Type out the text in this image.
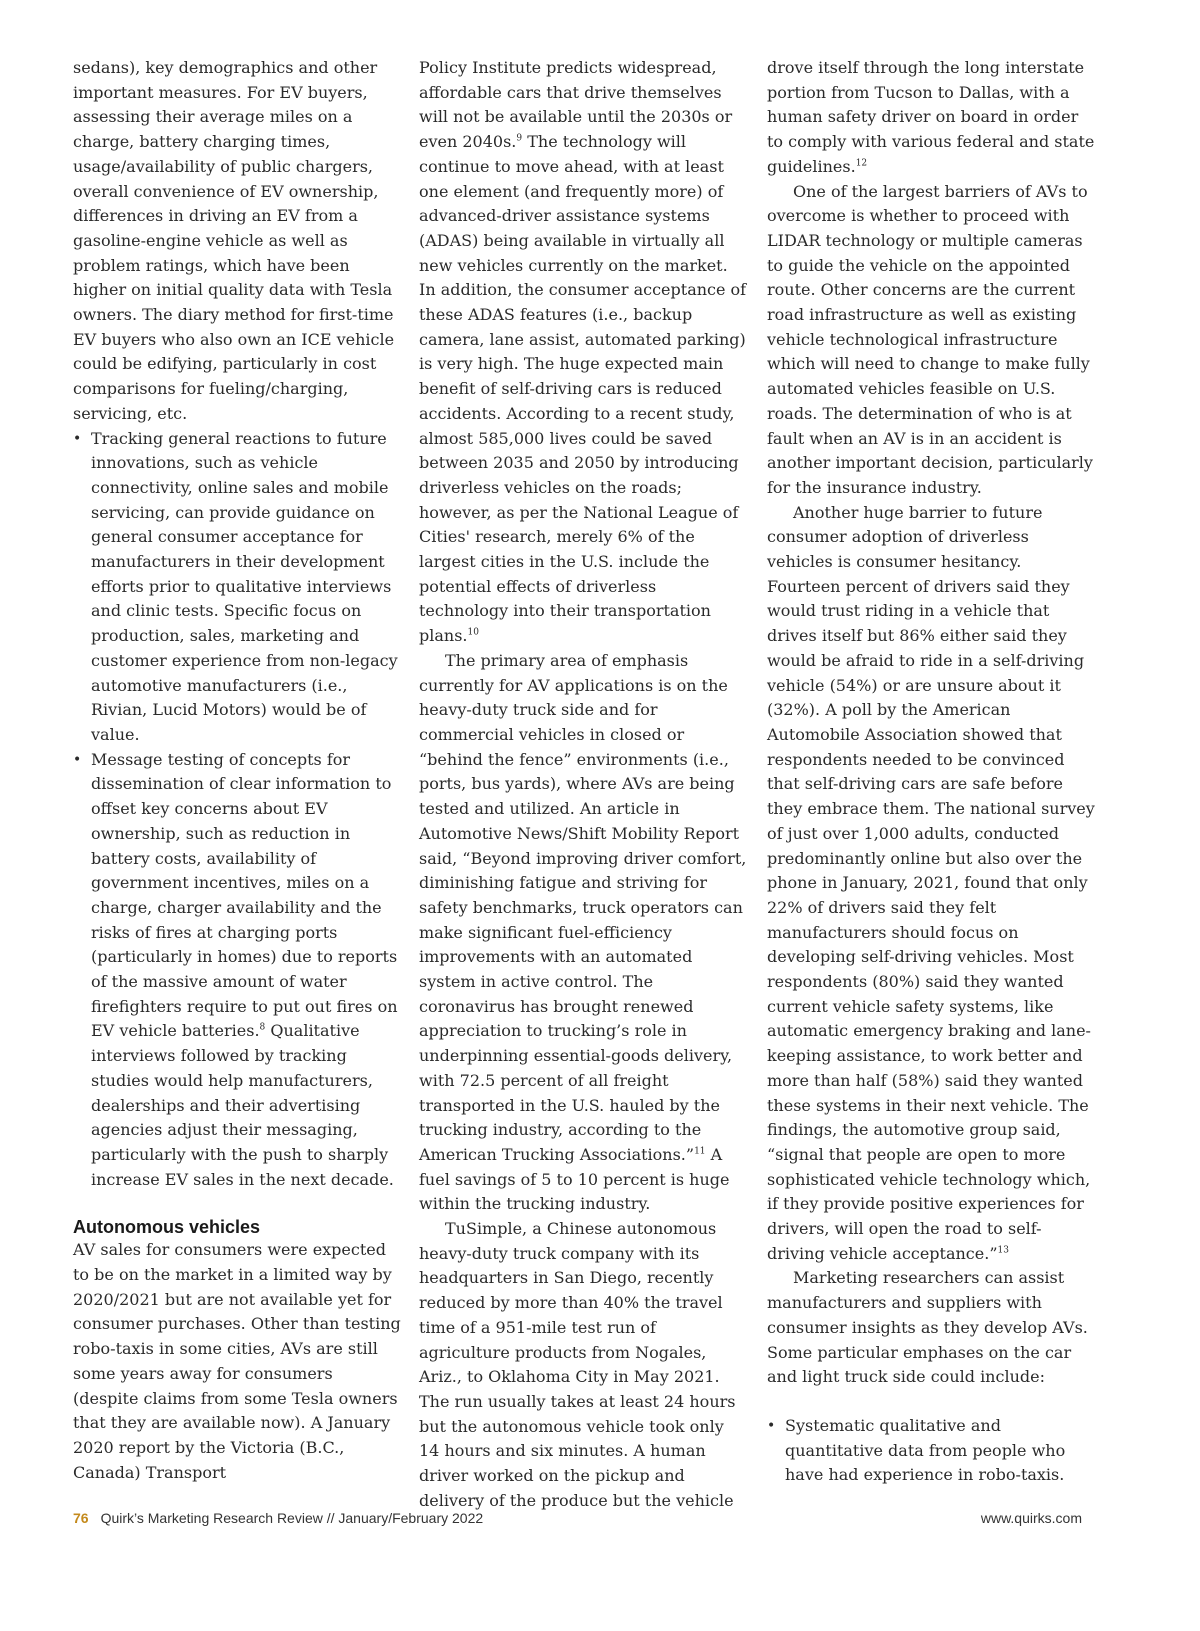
sedans), key demographics and other important measures. For EV buyers, assessing their average miles on a charge, battery charging times, usage/availability of public chargers, overall convenience of EV ownership, differences in driving an EV from a gasoline-engine vehicle as well as problem ratings, which have been higher on initial quality data with Tesla owners. The diary method for first-time EV buyers who also own an ICE vehicle could be edifying, particularly in cost comparisons for fueling/charging, servicing, etc.

• Tracking general reactions to future innovations, such as vehicle connectivity, online sales and mobile servicing, can provide guidance on general consumer acceptance for manufacturers in their development efforts prior to qualitative interviews and clinic tests. Specific focus on production, sales, marketing and customer experience from non-legacy automotive manufacturers (i.e., Rivian, Lucid Motors) would be of value.
• Message testing of concepts for dissemination of clear information to offset key concerns about EV ownership, such as reduction in battery costs, availability of government incentives, miles on a charge, charger availability and the risks of fires at charging ports (particularly in homes) due to reports of the massive amount of water firefighters require to put out fires on EV vehicle batteries.$^8$ Qualitative interviews followed by tracking studies would help manufacturers, dealerships and their advertising agencies adjust their messaging, particularly with the push to sharply increase EV sales in the next decade.
Autonomous vehicles

AV sales for consumers were expected to be on the market in a limited way by 2020/2021 but are not available yet for consumer purchases. Other than testing robo-taxis in some cities, AVs are still some years away for consumers (despite claims from some Tesla owners that they are available now). A January 2020 report by the Victoria (B.C., Canada) Transport

Policy Institute predicts widespread, affordable cars that drive themselves will not be available until the 2030s or even 2040s.$^9$ The technology will continue to move ahead, with at least one element (and frequently more) of advanced-driver assistance systems (ADAS) being available in virtually all new vehicles currently on the market. In addition, the consumer acceptance of these ADAS features (i.e., backup camera, lane assist, automated parking) is very high. The huge expected main benefit of self-driving cars is reduced accidents. According to a recent study, almost 585,000 lives could be saved between 2035 and 2050 by introducing driverless vehicles on the roads; however, as per the National League of Cities' research, merely 6% of the largest cities in the U.S. include the potential effects of driverless technology into their transportation plans.$^{10}$

The primary area of emphasis currently for AV applications is on the heavy-duty truck side and for commercial vehicles in closed or “behind the fence” environments (i.e., ports, bus yards), where AVs are being tested and utilized. An article in Automotive News/Shift Mobility Report said, “Beyond improving driver comfort, diminishing fatigue and striving for safety benchmarks, truck operators can make significant fuel-efficiency improvements with an automated system in active control. The coronavirus has brought renewed appreciation to trucking’s role in underpinning essential-goods delivery, with 72.5 percent of all freight transported in the U.S. hauled by the trucking industry, according to the American Trucking Associations.”$^{11}$ A fuel savings of 5 to 10 percent is huge within the trucking industry.

TuSimple, a Chinese autonomous heavy-duty truck company with its headquarters in San Diego, recently reduced by more than 40% the travel time of a 951-mile test run of agriculture products from Nogales, Ariz., to Oklahoma City in May 2021. The run usually takes at least 24 hours but the autonomous vehicle took only 14 hours and six minutes. A human driver worked on the pickup and delivery of the produce but the vehicle

drove itself through the long interstate portion from Tucson to Dallas, with a human safety driver on board in order to comply with various federal and state guidelines.$^{12}$

One of the largest barriers of AVs to overcome is whether to proceed with LIDAR technology or multiple cameras to guide the vehicle on the appointed route. Other concerns are the current road infrastructure as well as existing vehicle technological infrastructure which will need to change to make fully automated vehicles feasible on U.S. roads. The determination of who is at fault when an AV is in an accident is another important decision, particularly for the insurance industry.

Another huge barrier to future consumer adoption of driverless vehicles is consumer hesitancy. Fourteen percent of drivers said they would trust riding in a vehicle that drives itself but 86% either said they would be afraid to ride in a self-driving vehicle (54%) or are unsure about it (32%). A poll by the American Automobile Association showed that respondents needed to be convinced that self-driving cars are safe before they embrace them. The national survey of just over 1,000 adults, conducted predominantly online but also over the phone in January, 2021, found that only 22% of drivers said they felt manufacturers should focus on developing self-driving vehicles. Most respondents (80%) said they wanted current vehicle safety systems, like automatic emergency braking and lane-keeping assistance, to work better and more than half (58%) said they wanted these systems in their next vehicle. The findings, the automotive group said, “signal that people are open to more sophisticated vehicle technology which, if they provide positive experiences for drivers, will open the road to self-driving vehicle acceptance.”$^{13}$

Marketing researchers can assist manufacturers and suppliers with consumer insights as they develop AVs. Some particular emphases on the car and light truck side could include:

• Systematic qualitative and quantitative data from people who have had experience in robo-taxis.
76 Quirk’s Marketing Research Review // January/February 2022	www.quirks.com
